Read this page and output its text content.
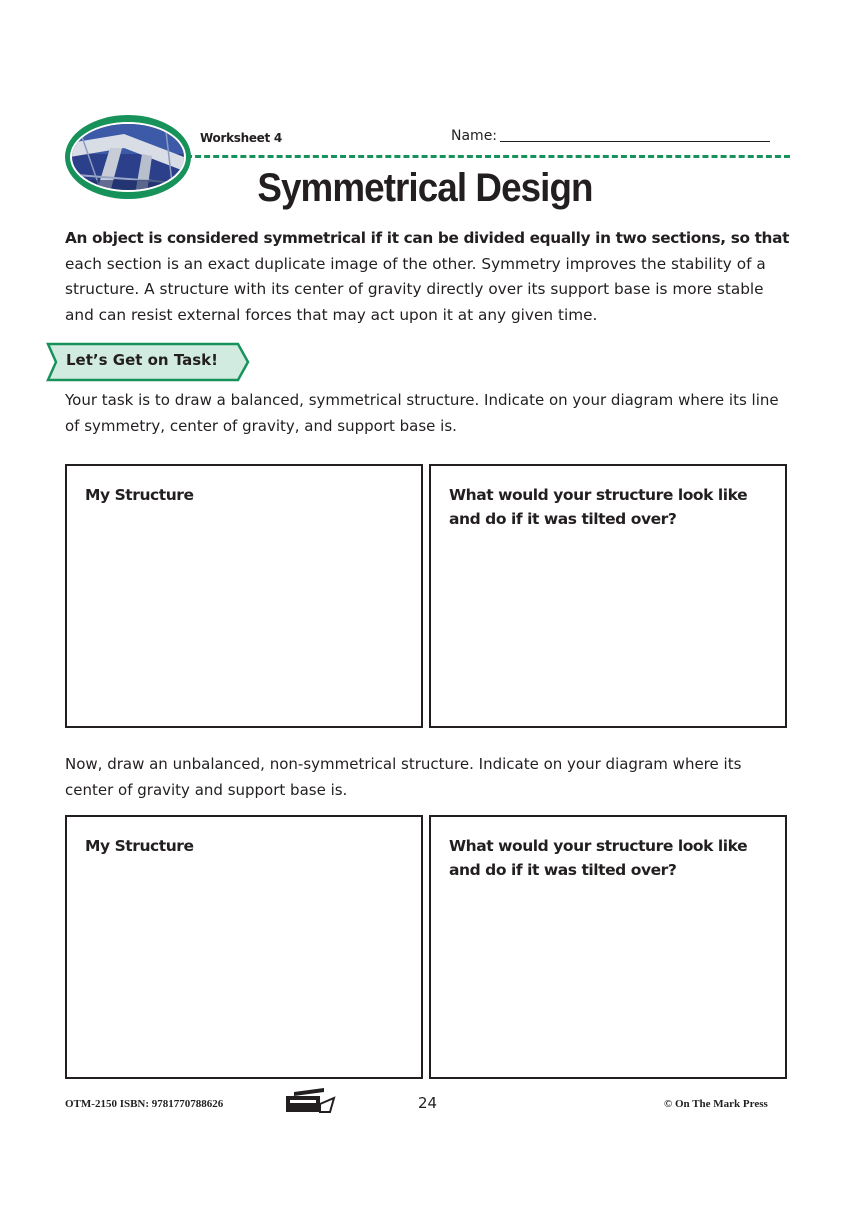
Worksheet 4	Name:
Symmetrical Design
An object is considered symmetrical if it can be divided equally in two sections, so that each section is an exact duplicate image of the other. Symmetry improves the stability of a structure. A structure with its center of gravity directly over its support base is more stable and can resist external forces that may act upon it at any given time.
Let’s Get on Task!
Your task is to draw a balanced, symmetrical structure. Indicate on your diagram where its line of symmetry, center of gravity, and support base is.
My Structure	What would your structure look like and do if it was tilted over?
Now, draw an unbalanced, non-symmetrical structure. Indicate on your diagram where its center of gravity and support base is.
My Structure	What would your structure look like and do if it was tilted over?
OTM-2150 ISBN: 9781770788626	24	© On The Mark Press
